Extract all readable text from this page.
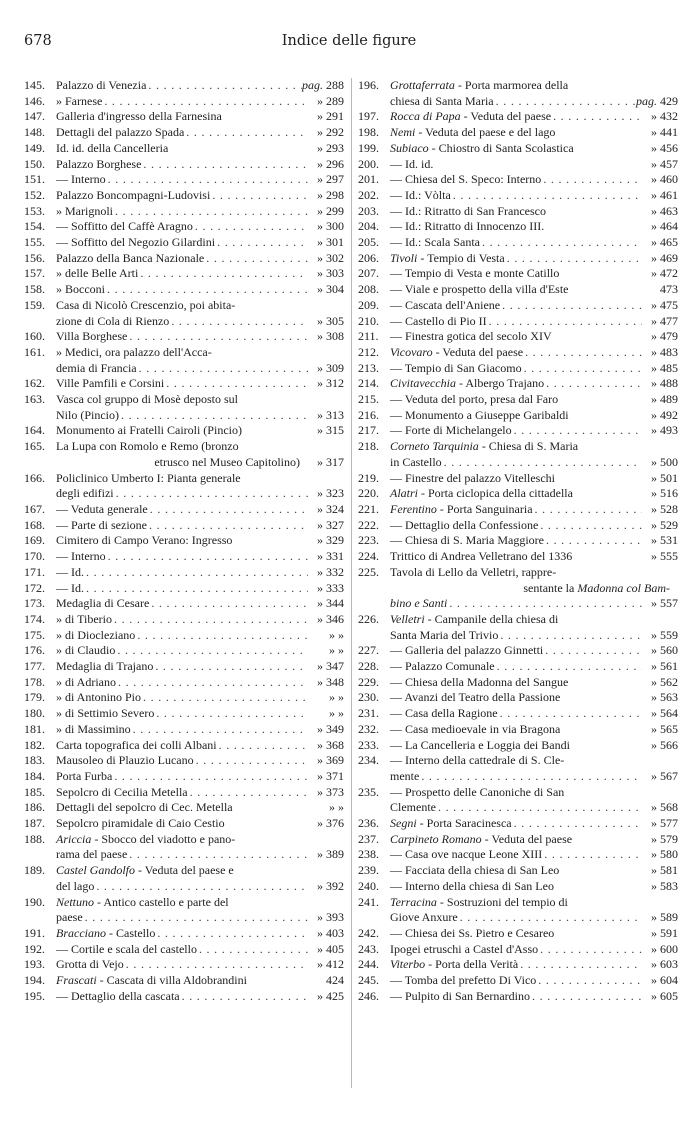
678	Indice delle figure
145. Palazzo di Venezia . . .	pag. 288
146. » Farnese . . .	» 289
147. Galleria d'ingresso della Farnesina	» 291
148. Dettagli del palazzo Spada . . .	» 292
149. Id. id. della Cancelleria	» 293
150. Palazzo Borghese . . .	» 296
151. — Interno . . .	» 297
152. Palazzo Boncompagni-Ludovisi . . .	» 298
153. » Marignoli . . .	» 299
154. — Soffitto del Caffè Aragno . . .	» 300
155. — Soffitto del Negozio Gilardini . . .	» 301
156. Palazzo della Banca Nazionale . . .	» 302
157. » delle Belle Arti . . .	» 303
158. » Bocconi . . .	» 304
159. Casa di Nicolò Crescenzio, poi abita-
zione di Cola di Rienzo . . .	» 305
160. Villa Borghese . . .	» 308
161. » Medici, ora palazzo dell'Acca-
demia di Francia . . .	» 309
162. Ville Pamfili e Corsini . . .	» 312
163. Vasca col gruppo di Mosè deposto sul
Nilo (Pincio) . . .	» 313
164. Monumento ai Fratelli Cairoli (Pincio)	» 315
165. La Lupa con Romolo e Remo (bronzo
etrusco nel Museo Capitolino)	» 317
166. Policlinico Umberto I: Pianta generale
degli edifizi . . .	» 323
167. — Veduta generale . . .	» 324
168. — Parte di sezione . . .	» 327
169. Cimitero di Campo Verano: Ingresso	» 329
170. — Interno . . .	» 331
171. — Id. . . .	» 332
172. — Id. . . .	» 333
173. Medaglia di Cesare . . .	» 344
174. » di Tiberio . . .	» 346
175. » di Diocleziano . . .	» »
176. » di Claudio . . .	» »
177. Medaglia di Trajano . . .	» 347
178. » di Adriano . . .	» 348
179. » di Antonino Pio . . .	» »
180. » di Settimio Severo . . .	» »
181. » di Massimino . . .	» 349
182. Carta topografica dei colli Albani . . .	» 368
183. Mausoleo di Plauzio Lucano . . .	» 369
184. Porta Furba . . .	» 371
185. Sepolcro di Cecilia Metella . . .	» 373
186. Dettagli del sepolcro di Cec. Metella	» »
187. Sepolcro piramidale di Caio Cestio	» 376
188. Ariccia - Sbocco del viadotto e pano-
rama del paese . . .	» 389
189. Castel Gandolfo - Veduta del paese e
del lago . . .	» 392
190. Nettuno - Antico castello e parte del
paese . . .	» 393
191. Bracciano - Castello . . .	» 403
192. — Cortile e scala del castello . . .	» 405
193. Grotta di Vejo . . .	» 412
194. Frascati - Cascata di villa Aldobrandini	424
195. — Dettaglio della cascata . . .	» 425
196. Grottaferrata - Porta marmorea della
chiesa di Santa Maria . . .	pag. 429
197. Rocca di Papa - Veduta del paese . . .	» 432
198. Nemi - Veduta del paese e del lago	» 441
199. Subiaco - Chiostro di Santa Scolastica	» 456
200. — Id. id.	» 457
201. — Chiesa del S. Speco: Interno . . .	» 460
202. — Id.: Vòlta . . .	» 461
203. — Id.: Ritratto di San Francesco	» 463
204. — Id.: Ritratto di Innocenzo III.	» 464
205. — Id.: Scala Santa . . .	» 465
206. Tivoli - Tempio di Vesta . . .	» 469
207. — Tempio di Vesta e monte Catillo	» 472
208. — Viale e prospetto della villa d'Este	473
209. — Cascata dell'Aniene . . .	» 475
210. — Castello di Pio II . . .	» 477
211. — Finestra gotica del secolo XIV	» 479
212. Vicovaro - Veduta del paese . . .	» 483
213. — Tempio di San Giacomo . . .	» 485
214. Civitavecchia - Albergo Trajano . . .	» 488
215. — Veduta del porto, presa dal Faro	» 489
216. — Monumento a Giuseppe Garibaldi	» 492
217. — Forte di Michelangelo . . .	» 493
218. Corneto Tarquinia - Chiesa di S. Maria
in Castello . . .	» 500
219. — Finestre del palazzo Vitelleschi	» 501
220. Alatri - Porta ciclopica della cittadella	» 516
221. Ferentino - Porta Sanguinaria . . .	» 528
222. — Dettaglio della Confessione . . .	» 529
223. — Chiesa di S. Maria Maggiore . . .	» 531
224. Trittico di Andrea Velletrano del 1336	» 555
225. Tavola di Lello da Velletri, rappre-
sentante la Madonna col Bam-
bino e Santi . . .	» 557
226. Velletri - Campanile della chiesa di
Santa Maria del Trivio . . .	» 559
227. — Galleria del palazzo Ginnetti . . .	» 560
228. — Palazzo Comunale . . .	» 561
229. — Chiesa della Madonna del Sangue	» 562
230. — Avanzi del Teatro della Passione	» 563
231. — Casa della Ragione . . .	» 564
232. — Casa medioevale in via Bragona	» 565
233. — La Cancelleria e Loggia dei Bandi	» 566
234. — Interno della cattedrale di S. Cle-
mente . . .	» 567
235. — Prospetto delle Canoniche di San
Clemente . . .	» 568
236. Segni - Porta Saracinesca . . .	» 577
237. Carpineto Romano - Veduta del paese	» 579
238. — Casa ove nacque Leone XIII . . .	» 580
239. — Facciata della chiesa di San Leo	» 581
240. — Interno della chiesa di San Leo	» 583
241. Terracina - Sostruzioni del tempio di
Giove Anxure . . .	» 589
242. — Chiesa dei Ss. Pietro e Cesareo	» 591
243. Ipogei etruschi a Castel d'Asso . . .	» 600
244. Viterbo - Porta della Verità . . .	» 603
245. — Tomba del prefetto Di Vico . . .	» 604
246. — Pulpito di San Bernardino . . .	» 605
